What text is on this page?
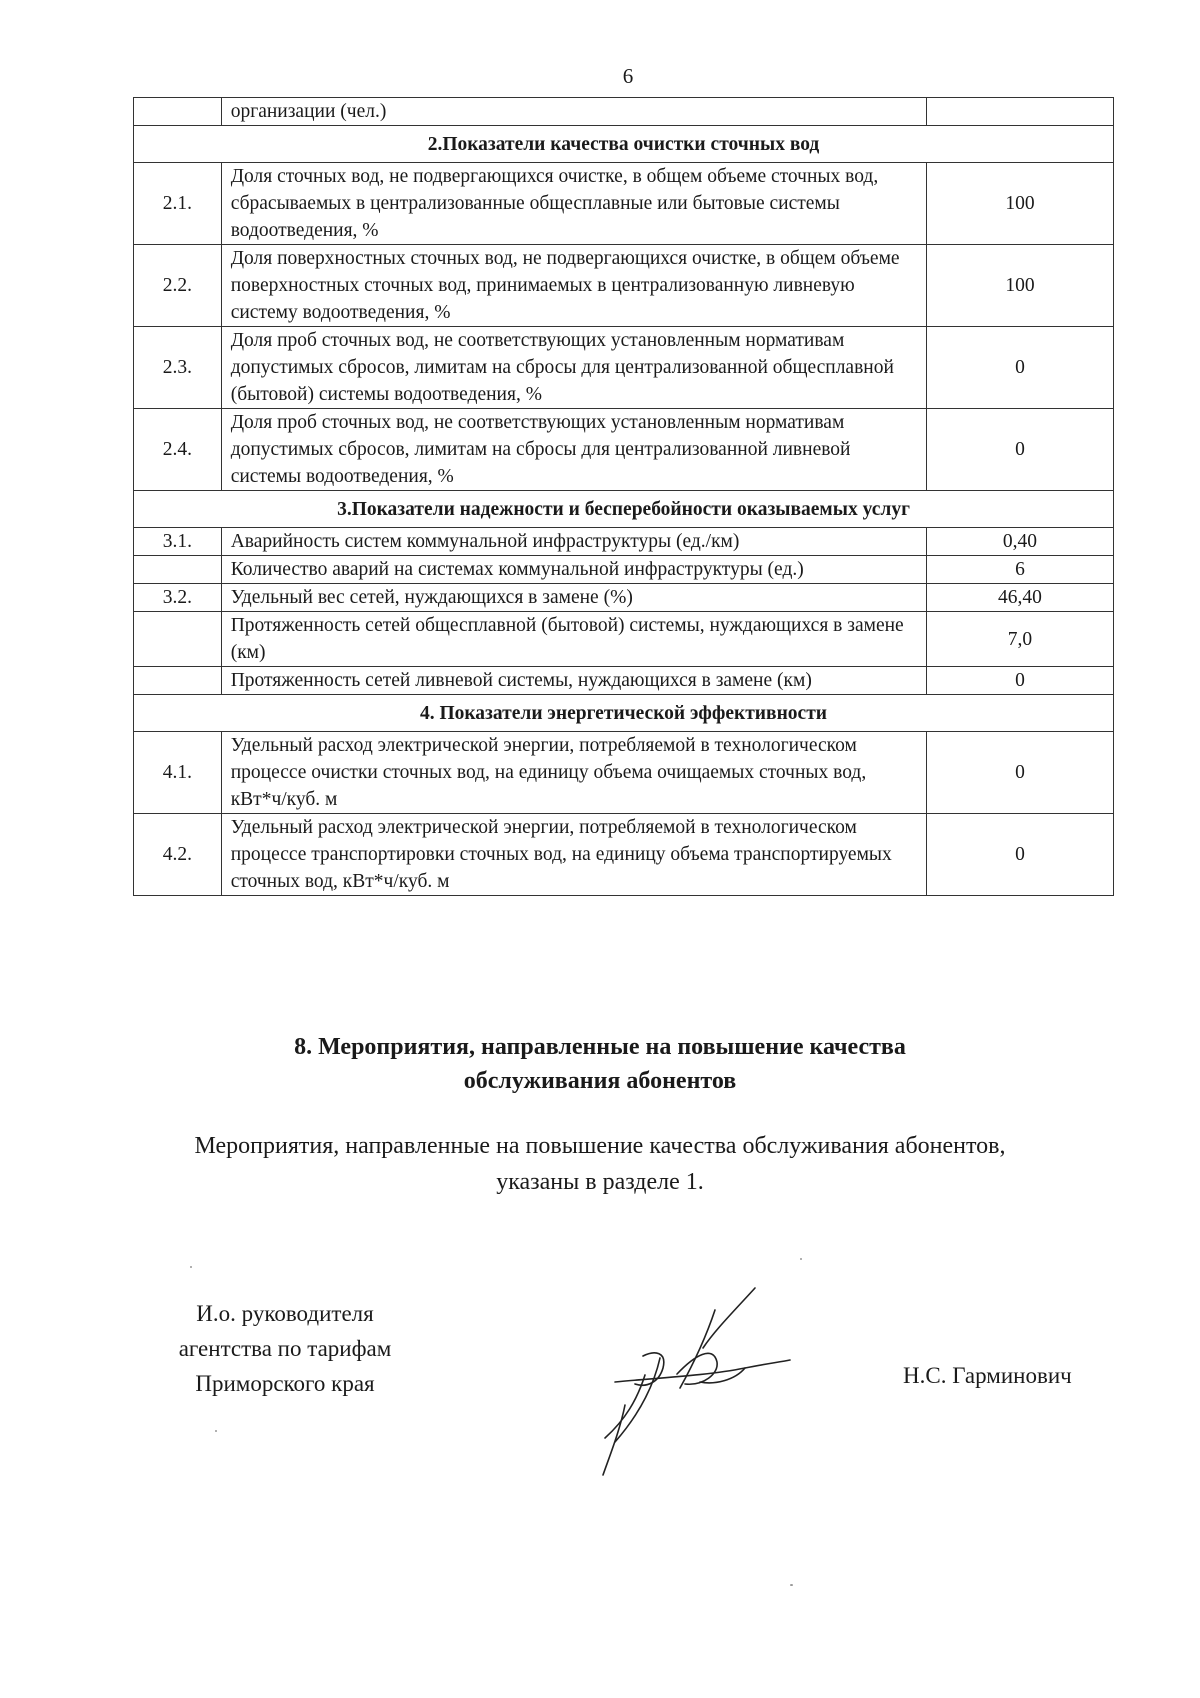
6
	организации (чел.)	
2.Показатели качества очистки сточных вод		
2.1.	Доля сточных вод, не подвергающихся очистке, в общем объеме сточных вод, сбрасываемых в централизованные общесплавные или бытовые системы водоотведения, %	100
2.2.	Доля поверхностных сточных вод, не подвергающихся очистке, в общем объеме поверхностных сточных вод, принимаемых в централизованную ливневую систему водоотведения, %	100
2.3.	Доля проб сточных вод, не соответствующих установленным нормативам допустимых сбросов, лимитам на сбросы для централизованной общесплавной (бытовой) системы водоотведения, %	0
2.4.	Доля проб сточных вод, не соответствующих установленным нормативам допустимых сбросов, лимитам на сбросы для централизованной ливневой системы водоотведения, %	0
3.Показатели надежности и бесперебойности оказываемых услуг		
3.1.	Аварийность систем коммунальной инфраструктуры (ед./км)	0,40
	Количество аварий на системах коммунальной инфраструктуры (ед.)	6
3.2.	Удельный вес сетей, нуждающихся в замене (%)	46,40
	Протяженность сетей общесплавной (бытовой) системы, нуждающихся в замене (км)	7,0
	Протяженность сетей ливневой системы, нуждающихся в замене (км)	0
4. Показатели энергетической эффективности		
4.1.	Удельный расход электрической энергии, потребляемой в технологическом процессе очистки сточных вод, на единицу объема очищаемых сточных вод, кВт*ч/куб. м	0
4.2.	Удельный расход электрической энергии, потребляемой в технологическом процессе транспортировки сточных вод, на единицу объема транспортируемых сточных вод, кВт*ч/куб. м	0
8. Мероприятия, направленные на повышение качества
обслуживания абонентов
Мероприятия, направленные на повышение качества обслуживания абонентов,
указаны в разделе 1.
И.о. руководителя
агентства по тарифам
Приморского края	Н.С. Гарминович
